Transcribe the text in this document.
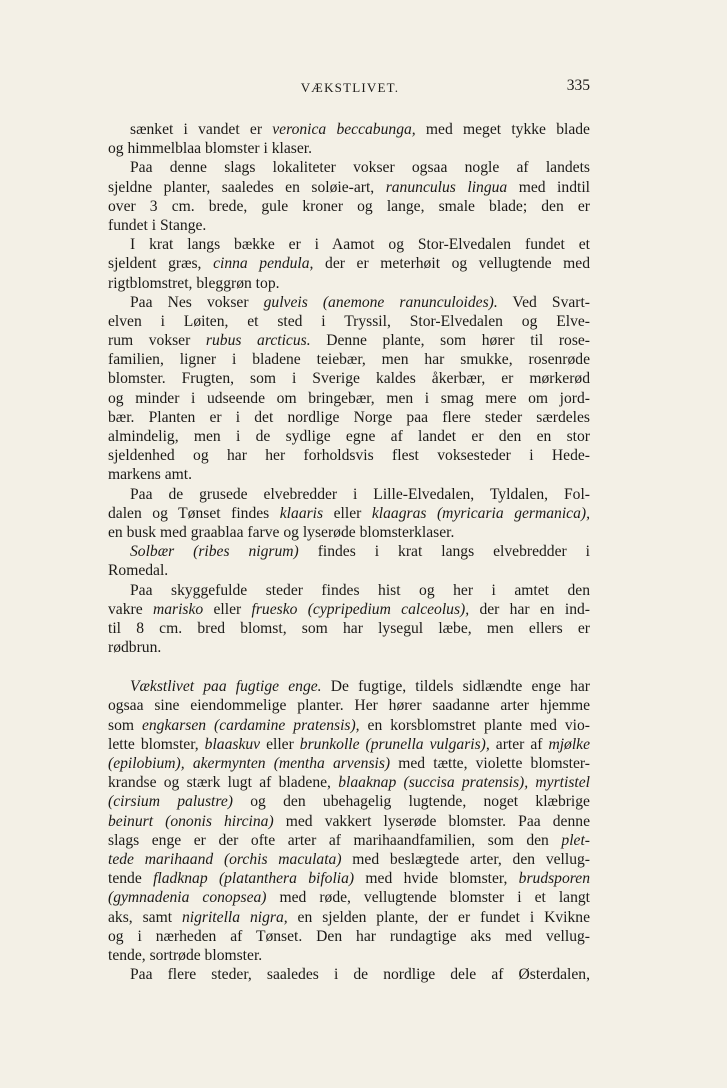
VÆKSTLIVET.	335
sænket i vandet er veronica beccabunga, med meget tykke blade
og himmelblaa blomster i klaser.
Paa denne slags lokaliteter vokser ogsaa nogle af landets
sjeldne planter, saaledes en soløie-art, ranunculus lingua med indtil
over 3 cm. brede, gule kroner og lange, smale blade; den er
fundet i Stange.
I krat langs bække er i Aamot og Stor-Elvedalen fundet et
sjeldent græs, cinna pendula, der er meterhøit og vellugtende med
rigtblomstret, bleggrøn top.
Paa Nes vokser gulveis (anemone ranunculoides). Ved Svart-
elven i Løiten, et sted i Tryssil, Stor-Elvedalen og Elve-
rum vokser rubus arcticus. Denne plante, som hører til rose-
familien, ligner i bladene teiebær, men har smukke, rosenrøde
blomster. Frugten, som i Sverige kaldes åkerbær, er mørkerød
og minder i udseende om bringebær, men i smag mere om jord-
bær. Planten er i det nordlige Norge paa flere steder særdeles
almindelig, men i de sydlige egne af landet er den en stor
sjeldenhed og har her forholdsvis flest voksesteder i Hede-
markens amt.
Paa de grusede elvebredder i Lille-Elvedalen, Tyldalen, Fol-
dalen og Tønset findes klaaris eller klaagras (myricaria germanica),
en busk med graablaa farve og lyserøde blomsterklaser.
Solbær (ribes nigrum) findes i krat langs elvebredder i
Romedal.
Paa skyggefulde steder findes hist og her i amtet den
vakre marisko eller fruesko (cypripedium calceolus), der har en ind-
til 8 cm. bred blomst, som har lysegul læbe, men ellers er
rødbrun.
Vækstlivet paa fugtige enge. De fugtige, tildels sidlændte enge har
ogsaa sine eiendommelige planter. Her hører saadanne arter hjemme
som engkarsen (cardamine pratensis), en korsblomstret plante med vio-
lette blomster, blaaskuv eller brunkolle (prunella vulgaris), arter af mjølke
(epilobium), akermynten (mentha arvensis) med tætte, violette blomster-
krandse og stærk lugt af bladene, blaaknap (succisa pratensis), myrtistel
(cirsium palustre) og den ubehagelig lugtende, noget klæbrige
beinurt (ononis hircina) med vakkert lyserøde blomster. Paa denne
slags enge er der ofte arter af marihaandfamilien, som den plet-
tede marihaand (orchis maculata) med beslægtede arter, den vellug-
tende fladknap (platanthera bifolia) med hvide blomster, brudsporen
(gymnadenia conopsea) med røde, vellugtende blomster i et langt
aks, samt nigritella nigra, en sjelden plante, der er fundet i Kvikne
og i nærheden af Tønset. Den har rundagtige aks med vellug-
tende, sortrøde blomster.
Paa flere steder, saaledes i de nordlige dele af Østerdalen,
